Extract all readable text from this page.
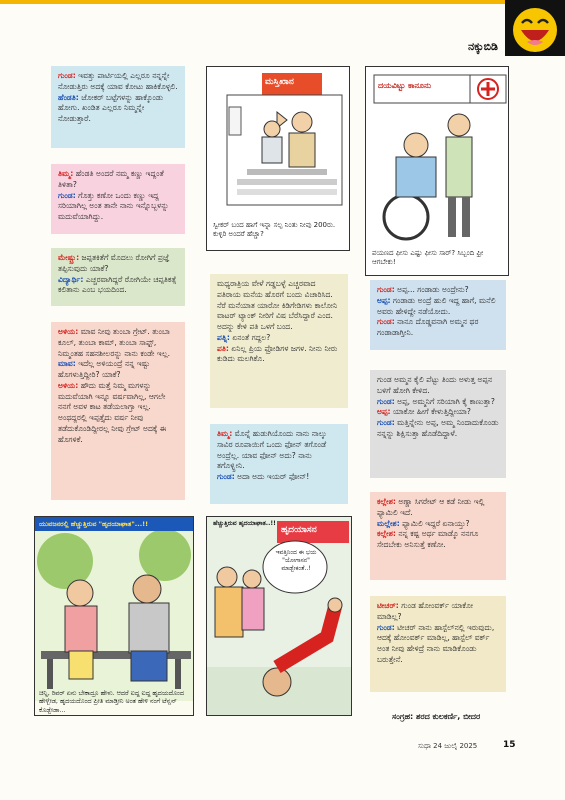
ನಕ್ಕುಬಿಡಿ

ಗುಂಡ: ಇವತ್ತು ಪಾರ್ಟಿಯಲ್ಲಿ ಎಲ್ಲರೂ ನನ್ನನ್ನೇ ನೋಡುತ್ತಿರು ಅದಕ್ಕೆ ಯಾವ ಕೋಟು ಹಾಕಿಕೊಳ್ಳಲಿ.

ಹೆಂಡತಿ: ಜೋಕರ್ ಬಟ್ಟೆಗಳನ್ನು ಹಾಕ್ಕೊಂಡು ಹೋಗು. ಖಂಡಿತ ಎಲ್ಲರೂ ನಿಮ್ಮನ್ನೇ ನೋಡುತ್ತಾರೆ.

ತಿಮ್ಮ: ಹೆಂಡತಿ ಅಂದರೆ ನಮ್ಮ ಕಣ್ಣು ಇದ್ದಂತೆ ತಿಳಿತಾ?

ಗುಂಡ: ಗೊತ್ತು ಕಣೋ ಒಂದು ಕಣ್ಣು ಇದ್ದ ಸರಿಯಾಗಿಲ್ಲ ಅಂತ ತಾನೇ ನಾನು ಇನ್ನೊಬ್ಬಳನ್ನು ಮದುವೆಯಾಗಿದ್ದು.

ಮೇಷ್ಟ್ರು: ಜಪ್ಪತಕಿತೆಗೆ ಮೊದಲು ರೋಗಿಗೆ ಪ್ರಜ್ಞೆ ತಪ್ಪಿಸುವುದು ಯಾಕೆ?

ವಿದ್ಯಾರ್ಥಿ: ಎಚ್ಚರವಾಗಿದ್ದರೆ ರೋಗಿಯೇ ಚಪ್ಪತಿಕತ್ಸೆ ಕಲಿತಾನು ಎಂಬ ಭಯದಿಂದ.

ಅಳಿಯ: ಮಾವ ನೀವು ತುಂಬಾ ಗ್ರೇಟ್. ತುಂಬಾ ಕೂಲ್, ತುಂಬಾ ಕಾಮ್, ತುಂಬಾ ಸಾಫ್ಟ್, ನಿಮ್ಮಂತಹ ಸಹನಶೀಲರನ್ನು ನಾನು ಕಂಡೇ ಇಲ್ಲ.

ಮಾವ: ಇದೆಲ್ಲ ಅಳಿಯಂದ್ರೆ ನನ್ನ ಇಷ್ಟು ಹೊಗಳುತ್ತಿದ್ದೀರಿ? ಯಾಕೆ?

ಅಳಿಯ: ಹೌದು ಮತ್ತೆ ನಿಮ್ಮ ಮಗಳನ್ನು ಮದುವೆಯಾಗಿ ಇನ್ನೂ ವರ್ಷವಾಗಿಲ್ಲ, ಆಗಲೇ ನನಗೆ ಅವಳ ಕಾಟ ತಡೆಯಲಾಗ್ತಾ ಇಲ್ಲ. ಅಂಥದ್ದರಲ್ಲಿ ಇಪ್ಪತ್ತೈದು ವರ್ಷ ನೀವು ತಡೆದುಕೊಂಡಿದ್ದೀರಲ್ಲ ನೀವು ಗ್ರೇಟ್ ಅದಕ್ಕೆ ಈ ಹೊಗಳಿಕೆ.

ಮಧ್ಯರಾತ್ರಿಯ ವೇಳೆ ಗಡ್ಡಬಳ್ಳೆ ಎಚ್ಚರವಾದ ಪತಿರಾಯ ಮನೆಯ ಹೊರಗೆ ಬಂದು ವಿಚಾರಿಸಿದ. ನೆರೆ ಮನೆಯಾತ ಯಾರೋ ಕಿಡಿಗೇಡಿಗಳು ಕಾಲೋನಿ ವಾಟರ್ ಟ್ಯಾಂಕ್ ನೀರಿಗೆ ವಿಷ ಬೆರೆಸಿದ್ದಾರೆ ಎಂದ. ಅದನ್ನು ಕೇಳಿ ಪತಿ ಒಳಗೆ ಬಂದ.

ಪತ್ನಿ: ಏನಂತೆ ಗದ್ದಲ?

ಪತಿ: ಏನಿಲ್ಲ ಪ್ರಿಯ ಫ್ರೋಡಿಗಳ ಜಗಳ. ನೀನು ನೀರು ಕುಡಿದು ಮಲಗಿಕೊ.

ತಿಮ್ಮ: ಮೊನ್ನೆ ಹುಡುಗಿಯೊಂದು ನಾನು ನಾಲ್ಕು ಸಾವಿರ ರೂಪಾಯಿಗೆ ಒಂದು ಫೋನ್ ತಗೊಂಡೆ ಅಂದ್ರೆಲ್ಲ. ಯಾವ ಫೋನ್ ಅದು? ನಾನು ತಗೊಳ್ಳ್ತೀನಿ.

ಗುಂಡ: ಅದಾ ಅದು ಇಯರ್ ಫೋನ್!

ಗುಂಡ: ಅಪ್ಪ... ಗಂಡಾಡು ಅಂದ್ರೇನು?

ಅಪ್ಪ: ಗಂಡಾಡು ಅಂದ್ರೆ ಹುಲಿ ಇದ್ದ ಹಾಗೆ, ಮನೆಲಿ ಅವರು ಹೇಳಿದ್ದೇ ನಡೆಯೋದು.

ಗುಂಡ: ನಾನೂ ದೊಡ್ಡವನಾಗಿ ಅಮ್ಮನ ಥರ ಗಂಡಾಡಾಗ್ತೀನಿ.

ಗುಂಡ ಅಮ್ಮನ ಕೈಲಿ ಪೆಟ್ಟು ತಿಂದು ಅಳುತ್ತ ಅಪ್ಪನ ಬಳಿಗೆ ಹೋಗಿ ಕೇಳಿದ.

ಗುಂಡ: ಅಪ್ಪ, ಅಮ್ಮನಿಗೆ ಸರಿಯಾಗಿ ಕೈ ಕಾಣುತ್ತಾ?

ಅಪ್ಪ: ಯಾಕೋ ಹೀಗೆ ಕೇಳುತ್ತಿದ್ದೀಯಾ?

ಗುಂಡ: ಮತ್ತಿನ್ನೇನು ಅಪ್ಪ, ಅಮ್ಮ ನಿಂದಾದುಕೊಂಡು ನನ್ನನ್ನು ಶಿಕ್ಷಿಸುತ್ತಾ ಹೊಡೆದಿದ್ದಾಳೆ.

ಕಲ್ಲೇಶ: ಅಣ್ಣಾ ಸಿಗರೇಟ್ ಆ ಕಡೆ ನೀಡು ಇಲ್ಲಿ ಫ್ಯಾಮಿಲಿ ಇದೆ.

ಮಲ್ಲೇಶ: ಫ್ಯಾಮಿಲಿ ಇದ್ದರೆ ಏನಾಯ್ತು?

ಕಲ್ಲೇಶ: ನನ್ನ ಕಷ್ಟ ಅರ್ಥ ಮಾಡ್ಕೊ ನನಗೂ ಸೇದಬೇಕು ಅನಿಸುತ್ತೆ ಕಣೋ.

ಟೀಚರ್: ಗುಂಡ ಹೋಂವರ್ಕ್ ಯಾಕೋ ಮಾಡಿಲ್ಲ?

ಗುಂಡ: ಟೀಚರ್ ನಾನು ಹಾಸ್ಟೆಲ್‌ನಲ್ಲಿ ಇರುವುದು, ಆದಕ್ಕೆ ಹೋಂವರ್ಕ್ ಮಾಡಿಲ್ಲ, ಹಾಸ್ಟೆಲ್ ವರ್ಕ್ ಅಂತ ನೀವು ಹೇಳಿದ್ರೆ ನಾನು ಮಾಡಿಕೊಂಡು ಬರುತ್ತೇನೆ.

ಮಸ್ತಿಖಾನ
ಸ್ವೀಕರ್ ಬಂದ ಹಾಗೆ ಇನ್ನಾ ಸಲ್ಪ ನಿಂತು ನೀವು 200ರು. ಕುಳ್ಳಿರಿ ಅಂದರೆ ಹೆಚ್ಚಾ?
ದಯವಿಟ್ಟು ಕಾನೂನು
ಪಯಣದ ಫೀಸು ಎಷ್ಟು ಫೀಸು ಸಾರ್? ಸಿಬ್ಬಂದಿ ಫ್ರೀ ಆಗಬೇಕು!
ಯುವಜನರಲ್ಲಿ ಹೆಚ್ಚುತ್ತಿರುವ "ಹೃದಯಾಘಾತ"...!!
ಚಿನ್ನಿ, ರಿವರ್ ಏನು ಬೇಕಾದ್ರೂ ಹೇಳು. ಆದರೆ ಐದ್ದ ಐದ್ದ ಹೃದಯದೊಂದ ಹೇಳ್ಬೇಡ, ಹೃದಯದೊಂದ ಪ್ರೀತಿ ಮಾಡ್ತೀನಿ ಅಂತ ಹೇಳಿ ನಂಗೆ ಟೆನ್ಷನ್ ಕೊಡ್ಬೇಡಾ...
ಹೆಚ್ಚುತ್ತಿರುವ ಹೃದಯಾಘಾತ..!!
ಹೃದಯಾಸನ
ಇವತ್ತಿನಿಂದ ಈ ಭಯ "ಯೋಗಾಸನ" ಮಾಡ್ಬೇಕಂತೆ..!
ಸಂಗ್ರಹ: ಶರದ ಕುಲಕರ್ಣಿ, ಬೀದರ
ಸುಧಾ 24 ಜುಲೈ 2025	15
